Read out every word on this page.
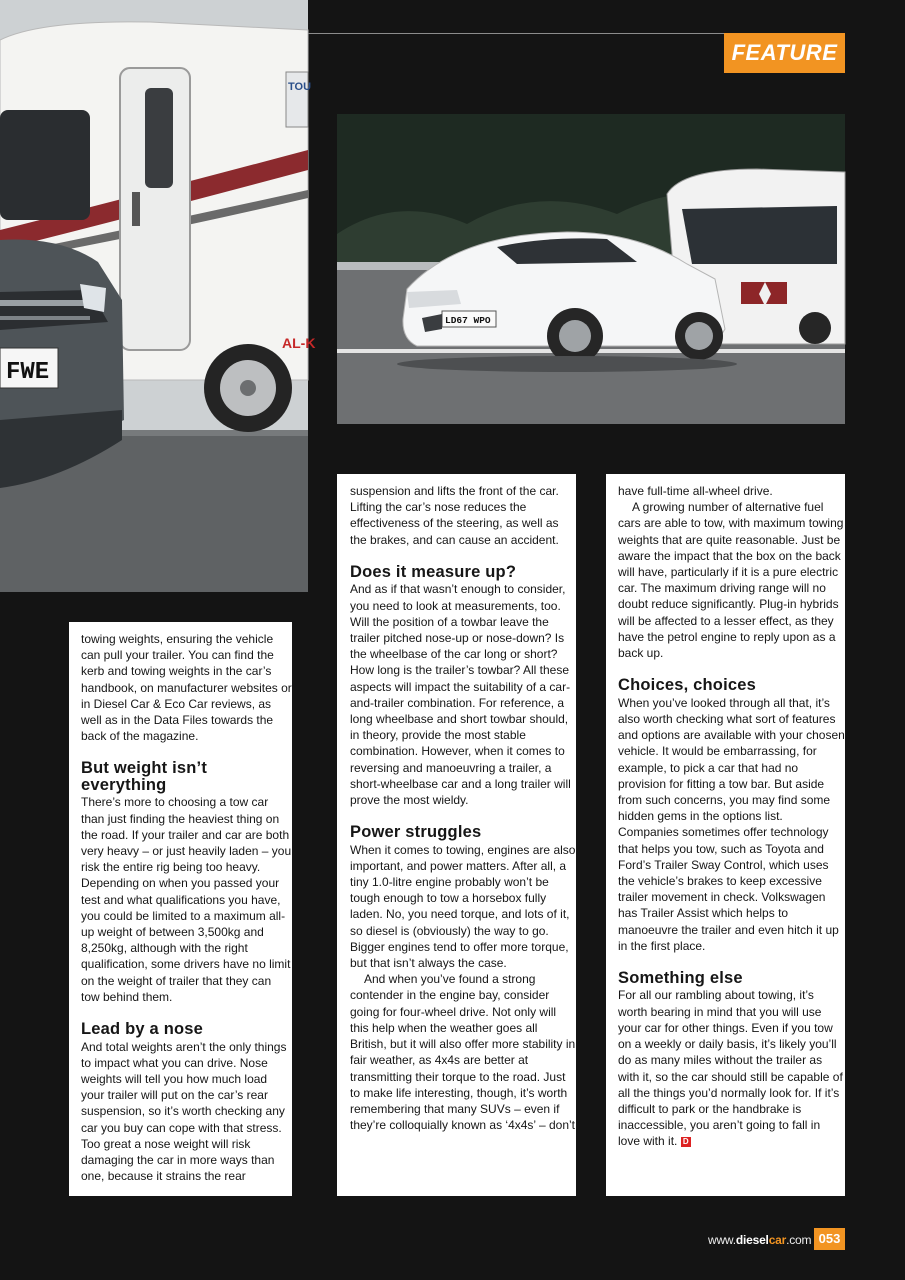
TOU
AL-K
FWE
LD67 WPO
FEATURE

towing weights, ensuring the vehicle can pull your trailer. You can find the kerb and towing weights in the car’s handbook, on manufacturer websites or in Diesel Car & Eco Car reviews, as well as in the Data Files towards the back of the magazine.

But weight isn’t everything

There’s more to choosing a tow car than just finding the heaviest thing on the road. If your trailer and car are both very heavy – or just heavily laden – you risk the entire rig being too heavy. Depending on when you passed your test and what qualifications you have, you could be limited to a maximum all-up weight of between 3,500kg and 8,250kg, although with the right qualification, some drivers have no limit on the weight of trailer that they can tow behind them.

Lead by a nose

And total weights aren’t the only things to impact what you can drive. Nose weights will tell you how much load your trailer will put on the car’s rear suspension, so it’s worth checking any car you buy can cope with that stress. Too great a nose weight will risk damaging the car in more ways than one, because it strains the rear

suspension and lifts the front of the car. Lifting the car’s nose reduces the effectiveness of the steering, as well as the brakes, and can cause an accident.

Does it measure up?

And as if that wasn’t enough to consider, you need to look at measurements, too. Will the position of a towbar leave the trailer pitched nose-up or nose-down? Is the wheelbase of the car long or short? How long is the trailer’s towbar? All these aspects will impact the suitability of a car-and-trailer combination. For reference, a long wheelbase and short towbar should, in theory, provide the most stable combination. However, when it comes to reversing and manoeuvring a trailer, a short-wheelbase car and a long trailer will prove the most wieldy.

Power struggles

When it comes to towing, engines are also important, and power matters. After all, a tiny 1.0-litre engine probably won’t be tough enough to tow a horsebox fully laden. No, you need torque, and lots of it, so diesel is (obviously) the way to go. Bigger engines tend to offer more torque, but that isn’t always the case.

And when you’ve found a strong contender in the engine bay, consider going for four-wheel drive. Not only will this help when the weather goes all British, but it will also offer more stability in fair weather, as 4x4s are better at transmitting their torque to the road. Just to make life interesting, though, it’s worth remembering that many SUVs – even if they’re colloquially known as ‘4x4s’ – don’t

have full-time all-wheel drive.

A growing number of alternative fuel cars are able to tow, with maximum towing weights that are quite reasonable. Just be aware the impact that the box on the back will have, particularly if it is a pure electric car. The maximum driving range will no doubt reduce significantly. Plug-in hybrids will be affected to a lesser effect, as they have the petrol engine to reply upon as a back up.

Choices, choices

When you’ve looked through all that, it’s also worth checking what sort of features and options are available with your chosen vehicle. It would be embarrassing, for example, to pick a car that had no provision for fitting a tow bar. But aside from such concerns, you may find some hidden gems in the options list. Companies sometimes offer technology that helps you tow, such as Toyota and Ford’s Trailer Sway Control, which uses the vehicle’s brakes to keep excessive trailer movement in check. Volkswagen has Trailer Assist which helps to manoeuvre the trailer and even hitch it up in the first place.

Something else

For all our rambling about towing, it’s worth bearing in mind that you will use your car for other things. Even if you tow on a weekly or daily basis, it’s likely you’ll do as many miles without the trailer as with it, so the car should still be capable of all the things you’d normally look for. If it’s difficult to park or the handbrake is inaccessible, you aren’t going to fall in love with it. D

www.dieselcar.com 053
